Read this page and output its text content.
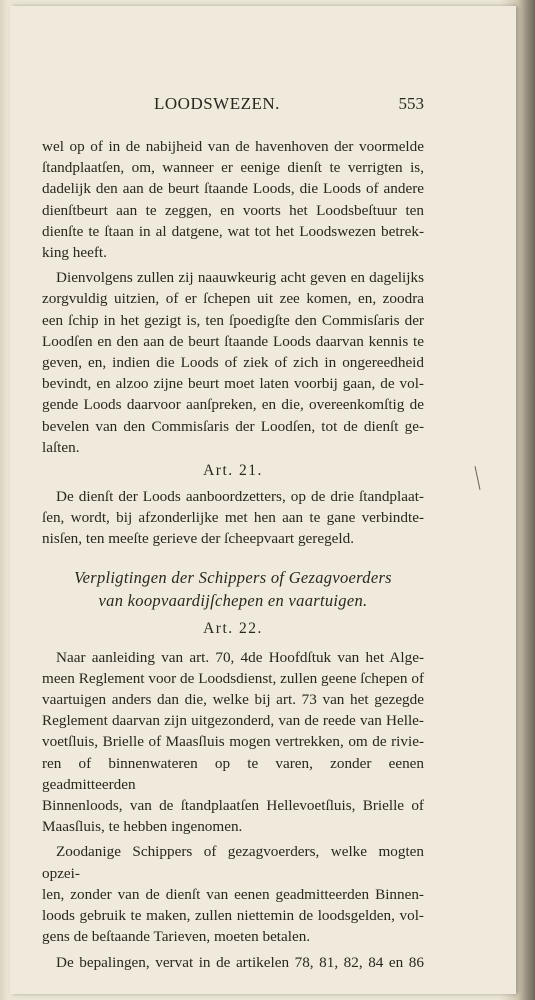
LOODSWEZEN.	553

wel op of in de nabijheid van de havenhoven der voormelde

ſtandplaatſen, om, wanneer er eenige dienſt te verrigten is,

dadelijk den aan de beurt ſtaande Loods, die Loods of andere

dienſtbeurt aan te zeggen, en voorts het Loodsbeſtuur ten

dienſte te ſtaan in al datgene, wat tot het Loodswezen betrek-

king heeft.

Dienvolgens zullen zij naauwkeurig acht geven en dagelijks

zorgvuldig uitzien, of er ſchepen uit zee komen, en, zoodra

een ſchip in het gezigt is, ten ſpoedigſte den Commisſaris der

Loodſen en den aan de beurt ſtaande Loods daarvan kennis te

geven, en, indien die Loods of ziek of zich in ongereedheid

bevindt, en alzoo zijne beurt moet laten voorbij gaan, de vol-

gende Loods daarvoor aanſpreken, en die, overeenkomſtig de

bevelen van den Commisſaris der Loodſen, tot de dienſt ge-

laſten.

Art. 21.

De dienſt der Loods aanboordzetters, op de drie ſtandplaat-

ſen, wordt, bij afzonderlijke met hen aan te gane verbindte-

nisſen, ten meeſte gerieve der ſcheepvaart geregeld.

Verpligtingen der Schippers of Gezagvoerders
van koopvaardijſchepen en vaartuigen.
Art. 22.

Naar aanleiding van art. 70, 4de Hoofdſtuk van het Alge-

meen Reglement voor de Loodsdienst, zullen geene ſchepen of

vaartuigen anders dan die, welke bij art. 73 van het gezegde

Reglement daarvan zijn uitgezonderd, van de reede van Helle-

voetſluis, Brielle of Maasſluis mogen vertrekken, om de rivie-

ren of binnenwateren op te varen, zonder eenen geadmitteerden

Binnenloods, van de ſtandplaatſen Hellevoetſluis, Brielle of

Maasſluis, te hebben ingenomen.

Zoodanige Schippers of gezagvoerders, welke mogten opzei-

len, zonder van de dienſt van eenen geadmitteerden Binnen-

loods gebruik te maken, zullen niettemin de loodsgelden, vol-

gens de beſtaande Tarieven, moeten betalen.

De bepalingen, vervat in de artikelen 78, 81, 82, 84 en 86
